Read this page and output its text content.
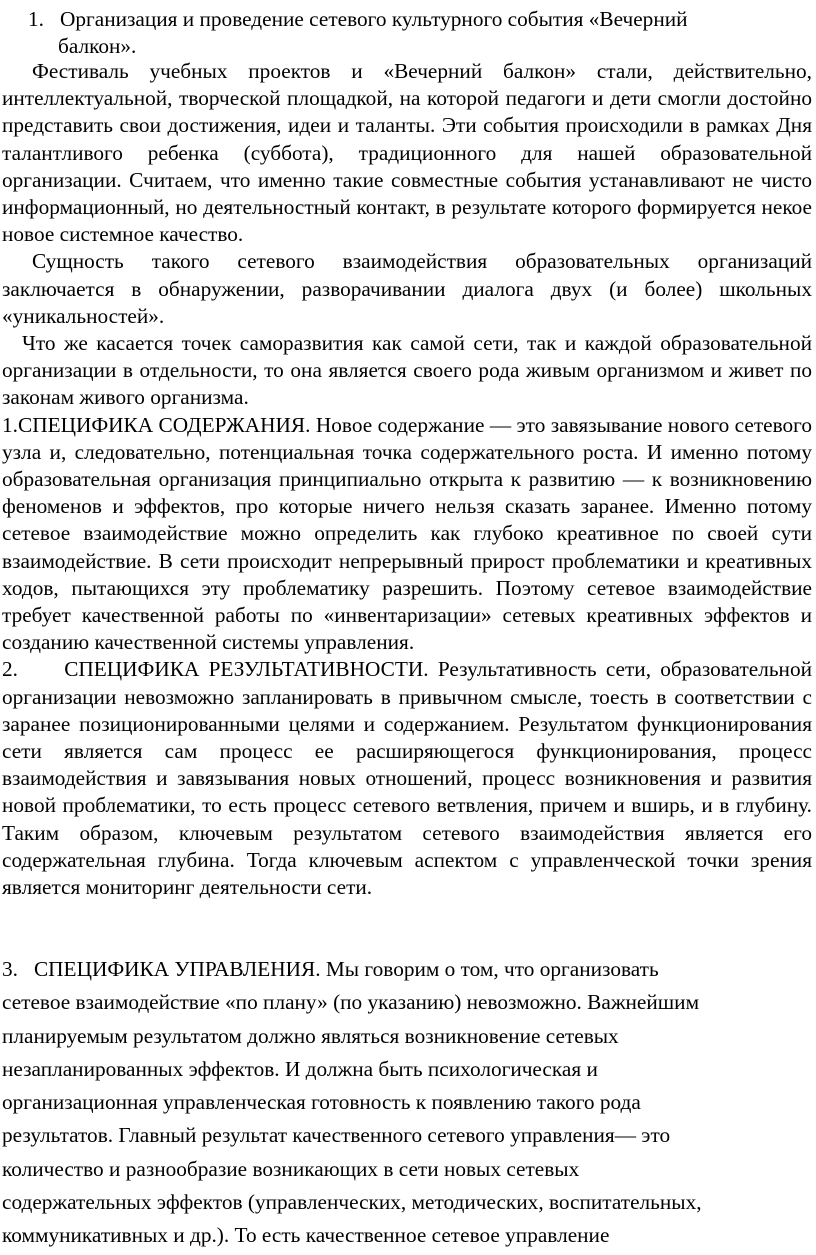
1. Организация и проведение сетевого культурного события «Вечерний
балкон».

Фестиваль учебных проектов и «Вечерний балкон» стали, действительно, интеллектуальной, творческой площадкой, на которой педагоги и дети смогли достойно представить свои достижения, идеи и таланты. Эти события происходили в рамках Дня талантливого ребенка (суббота), традиционного для нашей образовательной организации. Считаем, что именно такие совместные события устанавливают не чисто информационный, но деятельностный контакт, в результате которого формируется некое новое системное качество.

Сущность такого сетевого взаимодействия образовательных организаций заключается в обнаружении, разворачивании диалога двух (и более) школьных «уникальностей».

Что же касается точек саморазвития как самой сети, так и каждой образовательной организации в отдельности, то она является своего рода живым организмом и живет по законам живого организма.

1.СПЕЦИФИКА СОДЕРЖАНИЯ. Новое содержание — это завязывание нового сетевого узла и, следовательно, потенциальная точка содержательного роста. И именно потому образовательная организация принципиально открыта к развитию — к возникновению феноменов и эффектов, про которые ничего нельзя сказать заранее. Именно потому сетевое взаимодействие можно определить как глубоко креативное по своей сути взаимодействие. В сети происходит непрерывный прирост проблематики и креативных ходов, пытающихся эту проблематику разрешить. Поэтому сетевое взаимодействие требует качественной работы по «инвентаризации» сетевых креативных эффектов и созданию качественной системы управления.

2. СПЕЦИФИКА РЕЗУЛЬТАТИВНОСТИ. Результативность сети, образовательной организации невозможно запланировать в привычном смысле, тоесть в соответствии с заранее позиционированными целями и содержанием. Результатом функционирования сети является сам процесс ее расширяющегося функционирования, процесс взаимодействия и завязывания новых отношений, процесс возникновения и развития новой проблематики, то есть процесс сетевого ветвления, причем и вширь, и в глубину. Таким образом, ключевым результатом сетевого взаимодействия является его содержательная глубина. Тогда ключевым аспектом с управленческой точки зрения является мониторинг деятельности сети.

3. СПЕЦИФИКА УПРАВЛЕНИЯ. Мы говорим о том, что организовать

сетевое взаимодействие «по плану» (по указанию) невозможно. Важнейшим

планируемым результатом должно являться возникновение сетевых

незапланированных эффектов. И должна быть психологическая и

организационная управленческая готовность к появлению такого рода

результатов. Главный результат качественного сетевого управления— это

количество и разнообразие возникающих в сети новых сетевых

содержательных эффектов (управленческих, методических, воспитательных,

коммуникативных и др.). То есть качественное сетевое управление
